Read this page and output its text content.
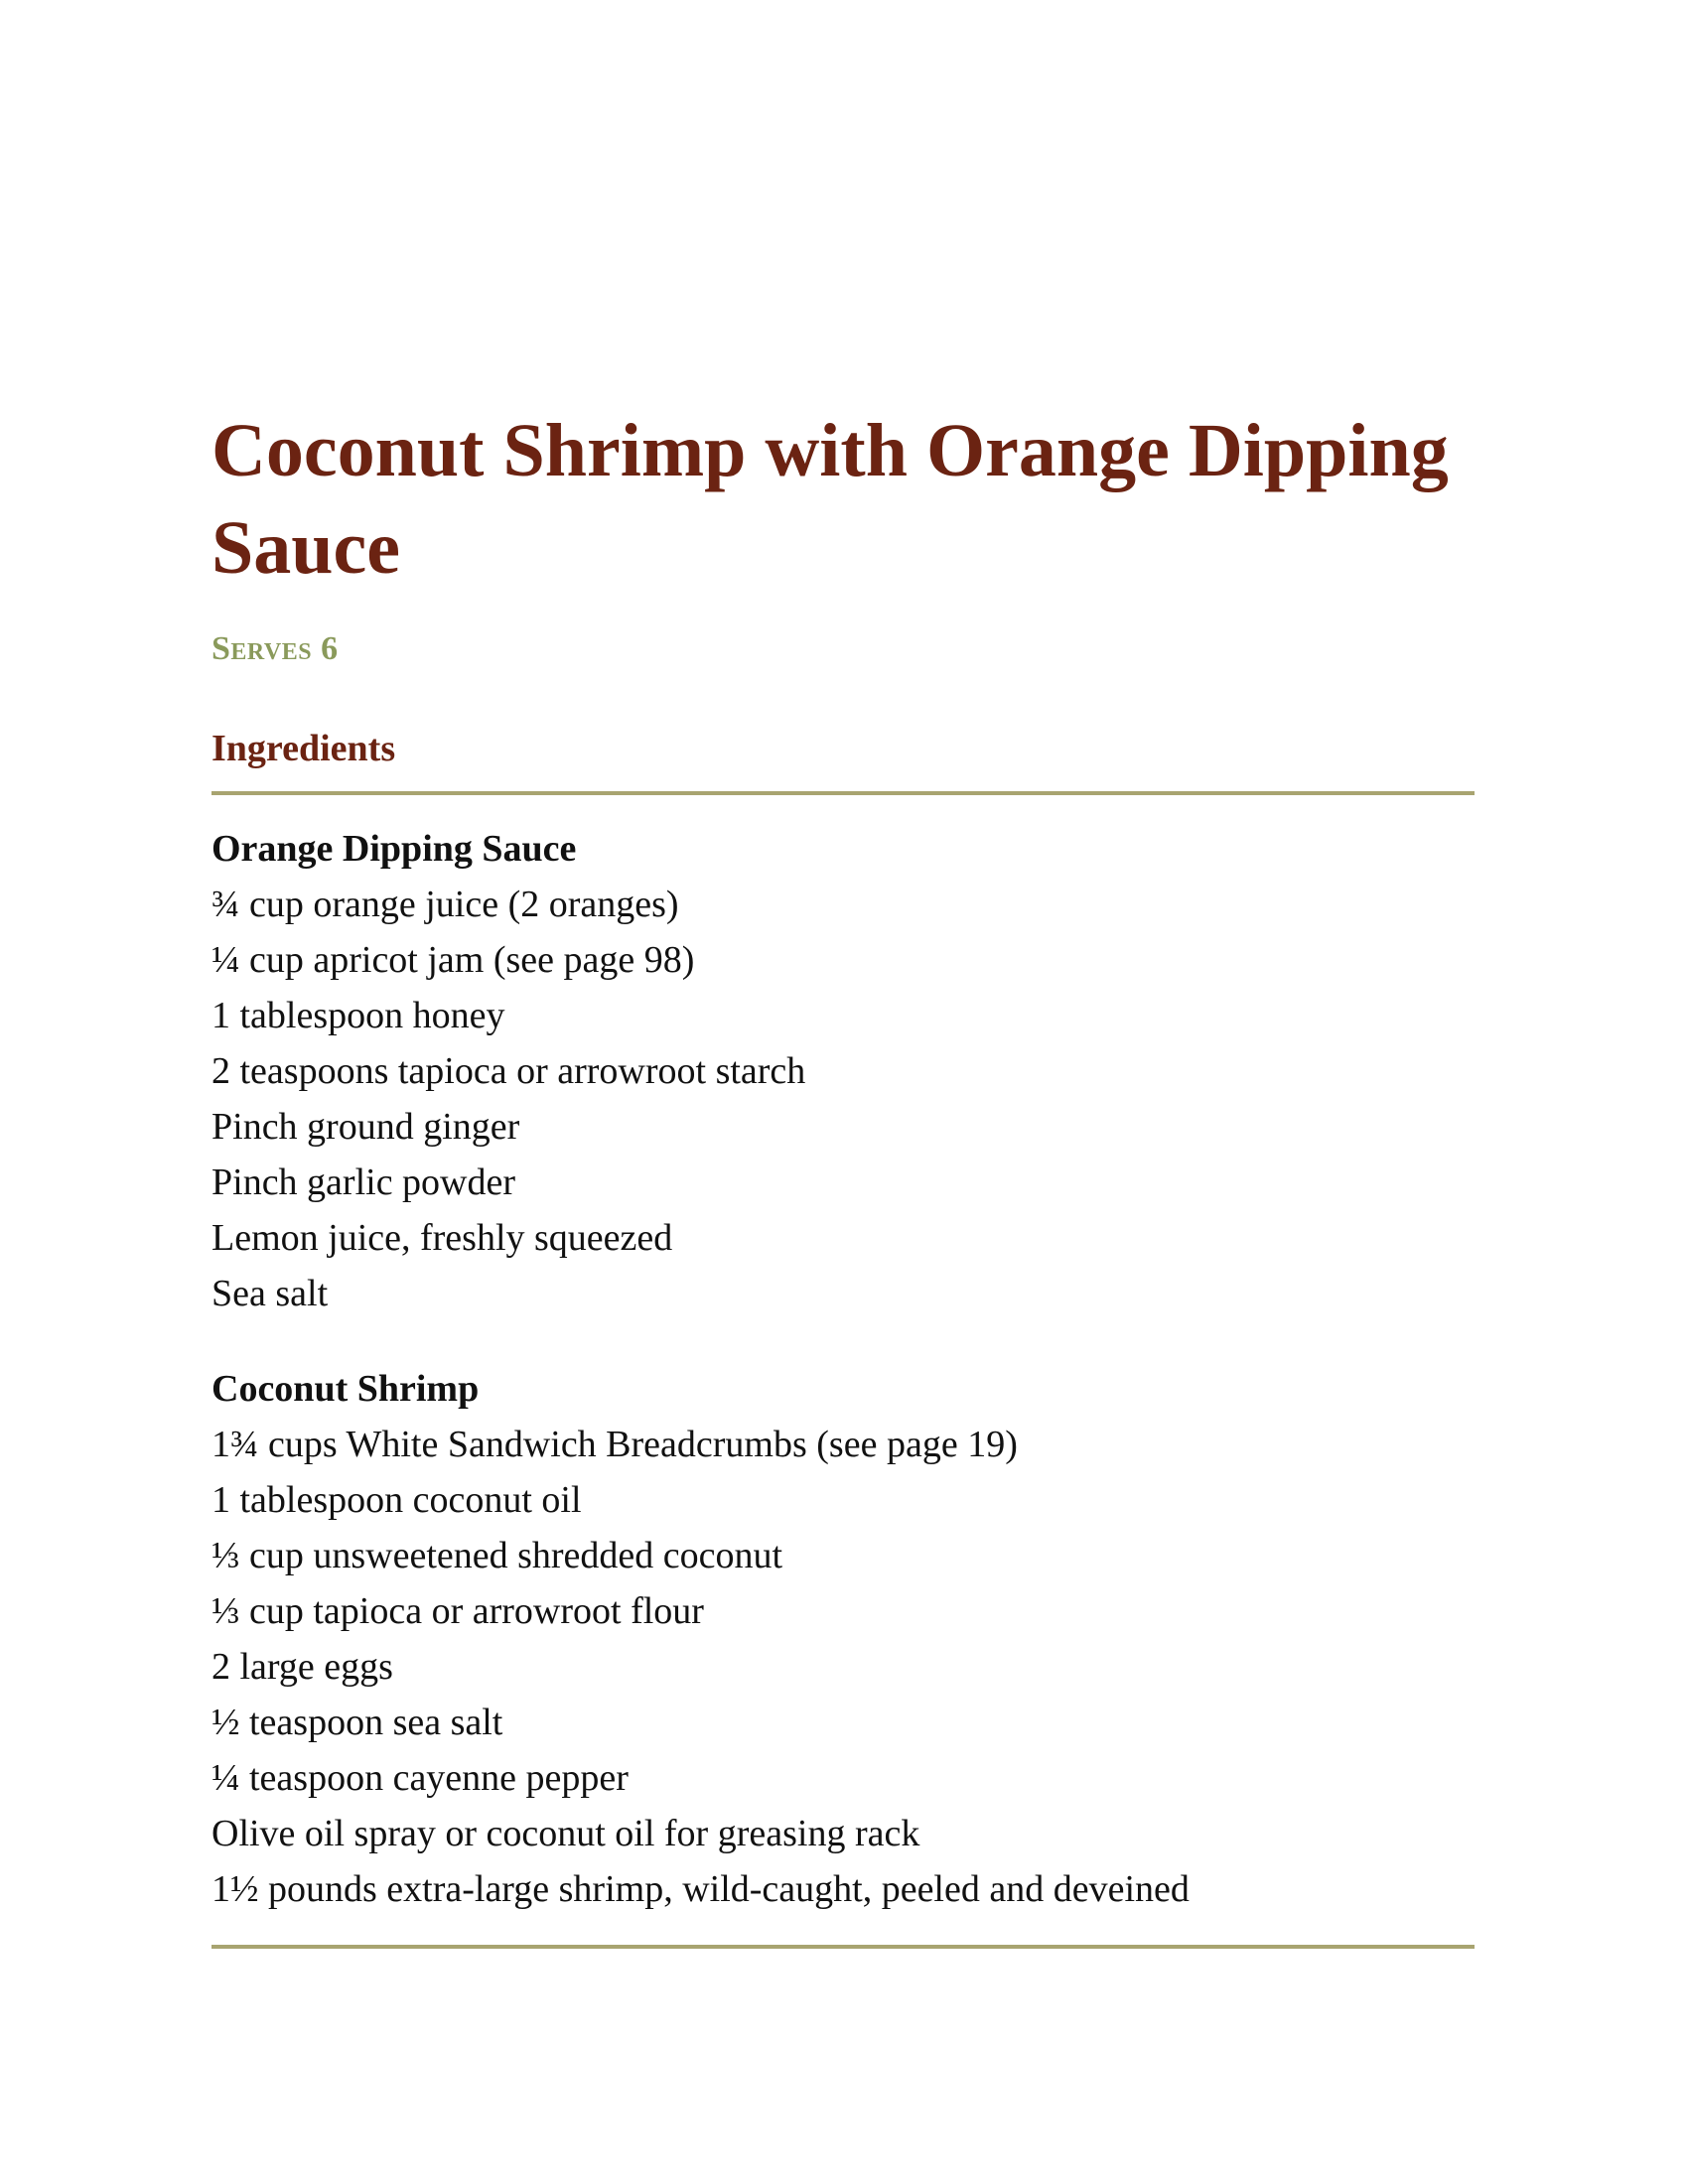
Coconut Shrimp with Orange Dipping Sauce
Serves 6
Ingredients
Orange Dipping Sauce
¾ cup orange juice (2 oranges)
¼ cup apricot jam (see page 98)
1 tablespoon honey
2 teaspoons tapioca or arrowroot starch
Pinch ground ginger
Pinch garlic powder
Lemon juice, freshly squeezed
Sea salt
Coconut Shrimp
1¾ cups White Sandwich Breadcrumbs (see page 19)
1 tablespoon coconut oil
⅓ cup unsweetened shredded coconut
⅓ cup tapioca or arrowroot flour
2 large eggs
½ teaspoon sea salt
¼ teaspoon cayenne pepper
Olive oil spray or coconut oil for greasing rack
1½ pounds extra-large shrimp, wild-caught, peeled and deveined
